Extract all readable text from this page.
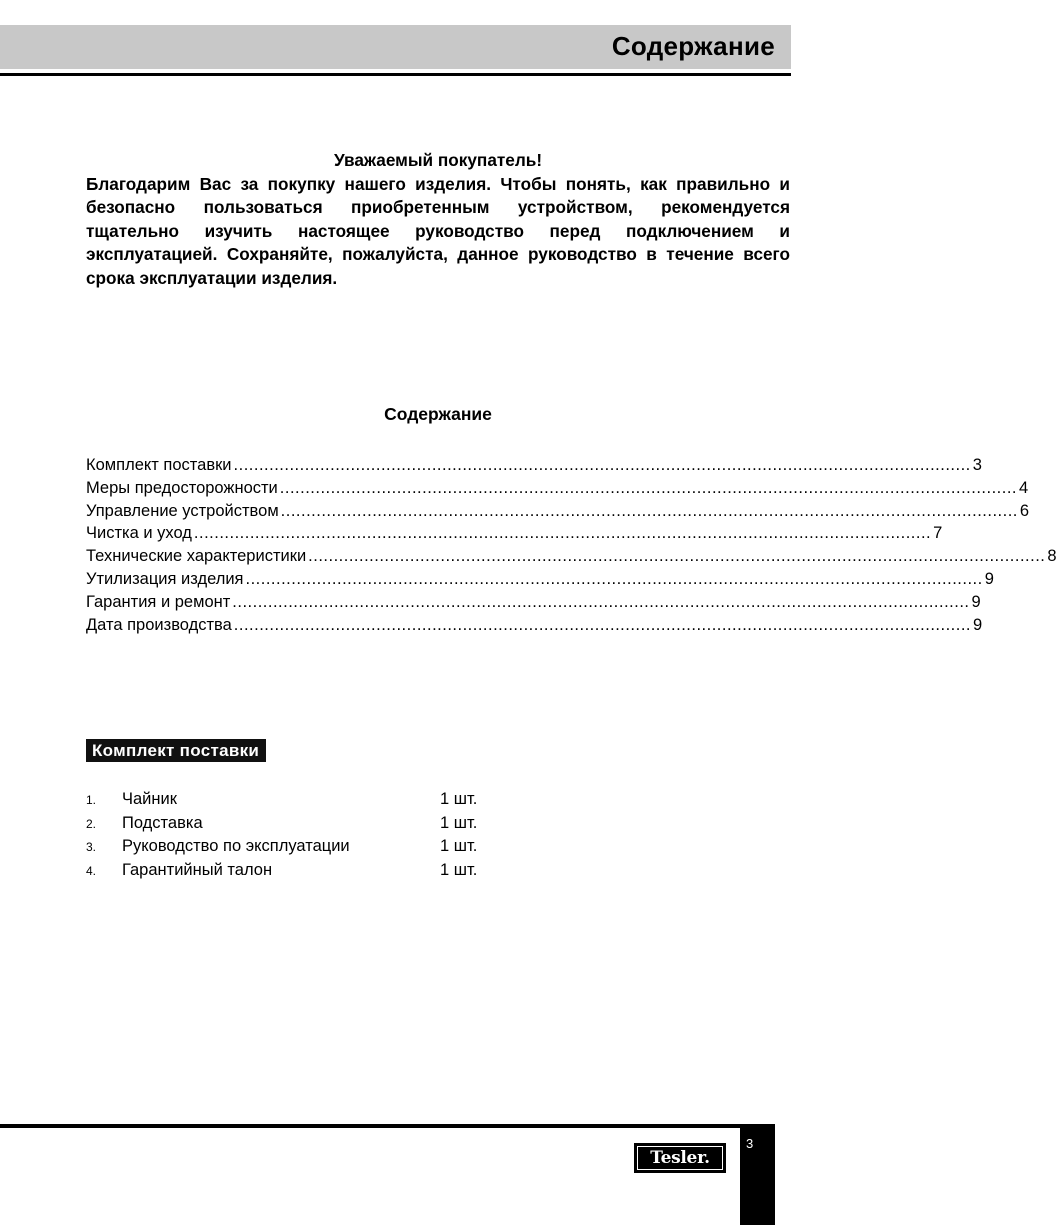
Содержание
Уважаемый покупатель!
Благодарим Вас за покупку нашего изделия. Чтобы понять, как правильно и безопасно пользоваться приобретенным устройством, рекомендуется тщательно изучить настоящее руководство перед подключением и эксплуатацией. Сохраняйте, пожалуйста, данное руководство в течение всего срока эксплуатации изделия.
Содержание
Комплект поставки ................................................................................................................................................. 3
Меры предосторожности ................................................................................................................................................. 4
Управление устройством ................................................................................................................................................. 6
Чистка и уход ................................................................................................................................................. 7
Технические характеристики ................................................................................................................................................. 8
Утилизация изделия ................................................................................................................................................. 9
Гарантия и ремонт ................................................................................................................................................. 9
Дата производства ................................................................................................................................................. 9
Комплект поставки
1.	Чайник	1 шт.
2.	Подставка	1 шт.
3.	Руководство по эксплуатации	1 шт.
4.	Гарантийный талон	1 шт.
3
Tesler.
